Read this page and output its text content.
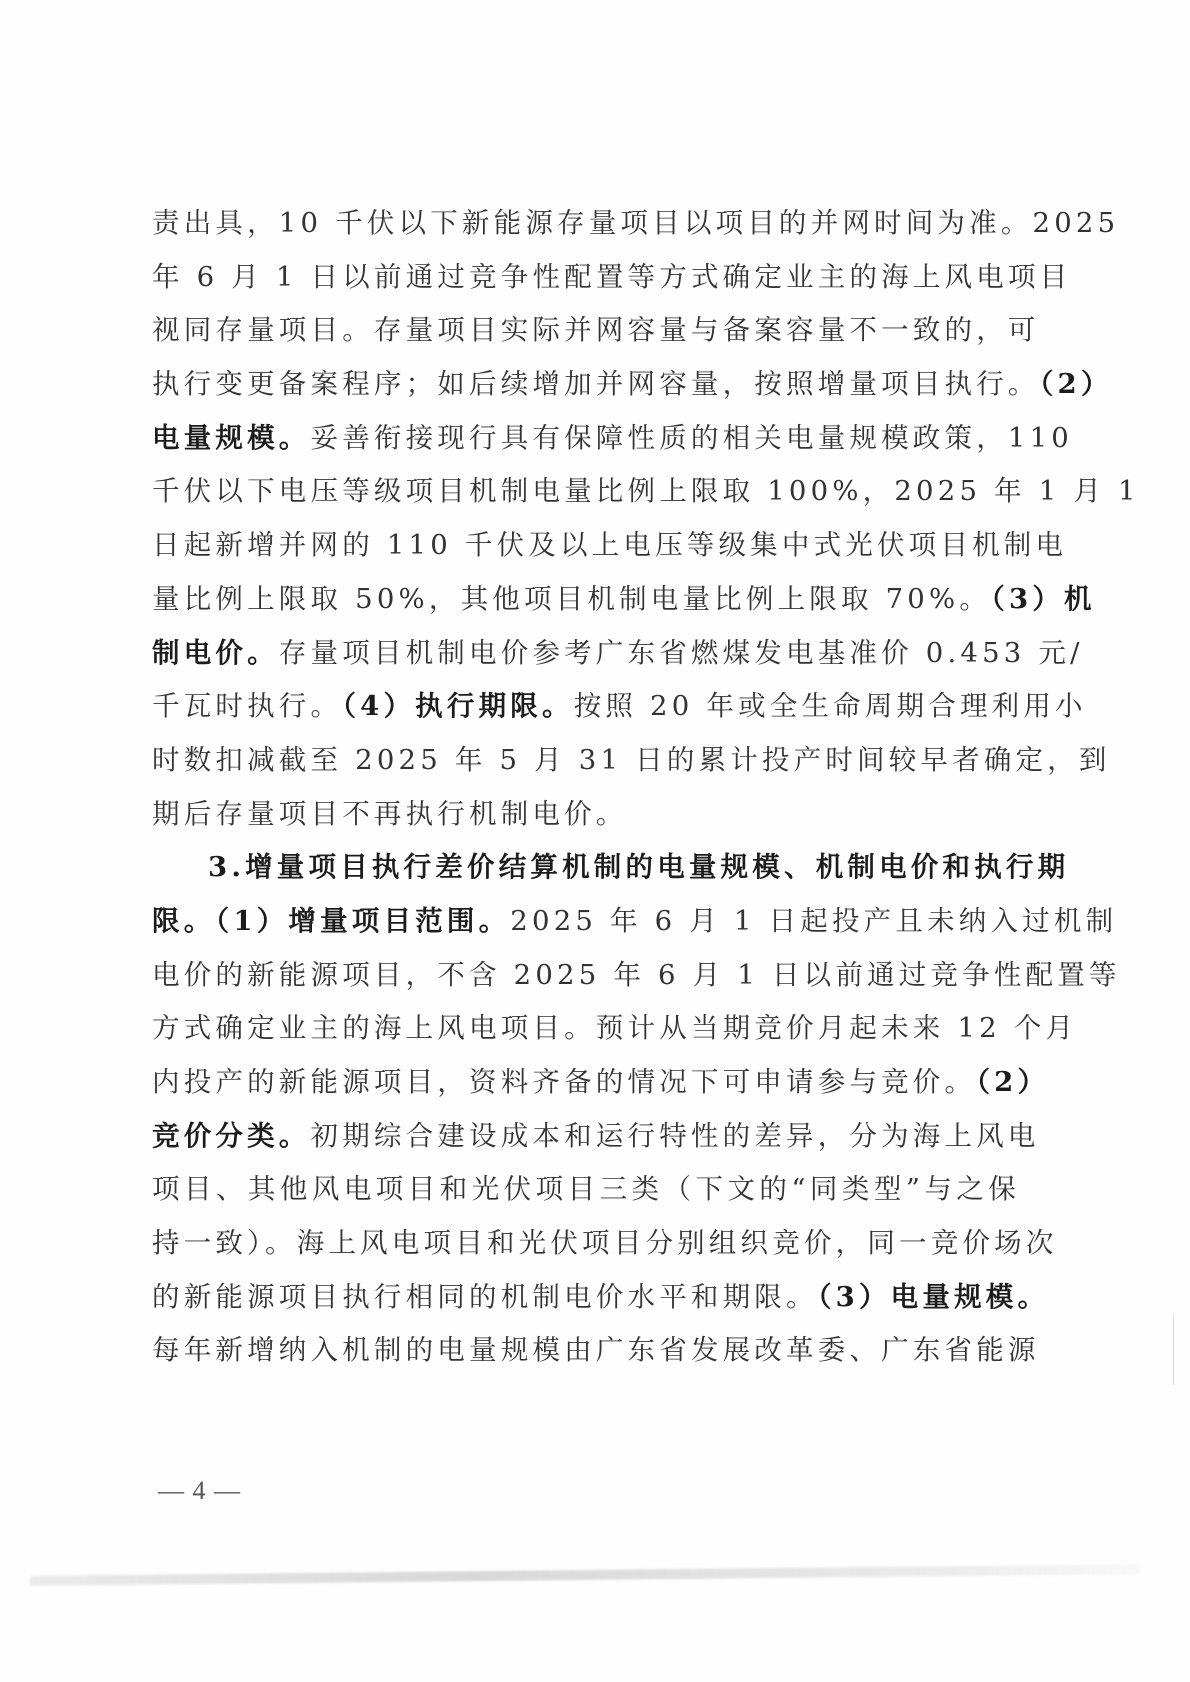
责出具，10 千伏以下新能源存量项目以项目的并网时间为准。2025
年 6 月 1 日以前通过竞争性配置等方式确定业主的海上风电项目
视同存量项目。存量项目实际并网容量与备案容量不一致的，可
执行变更备案程序；如后续增加并网容量，按照增量项目执行。（2）
电量规模。妥善衔接现行具有保障性质的相关电量规模政策，110
千伏以下电压等级项目机制电量比例上限取 100%，2025 年 1 月 1
日起新增并网的 110 千伏及以上电压等级集中式光伏项目机制电
量比例上限取 50%，其他项目机制电量比例上限取 70%。（3）机
制电价。存量项目机制电价参考广东省燃煤发电基准价 0.453 元/
千瓦时执行。（4）执行期限。按照 20 年或全生命周期合理利用小
时数扣减截至 2025 年 5 月 31 日的累计投产时间较早者确定，到
期后存量项目不再执行机制电价。
3.增量项目执行差价结算机制的电量规模、机制电价和执行期
限。（1）增量项目范围。2025 年 6 月 1 日起投产且未纳入过机制
电价的新能源项目，不含 2025 年 6 月 1 日以前通过竞争性配置等
方式确定业主的海上风电项目。预计从当期竞价月起未来 12 个月
内投产的新能源项目，资料齐备的情况下可申请参与竞价。（2）
竞价分类。初期综合建设成本和运行特性的差异，分为海上风电
项目、其他风电项目和光伏项目三类（下文的“同类型”与之保
持一致）。海上风电项目和光伏项目分别组织竞价，同一竞价场次
的新能源项目执行相同的机制电价水平和期限。（3）电量规模。
每年新增纳入机制的电量规模由广东省发展改革委、广东省能源
— 4 —
